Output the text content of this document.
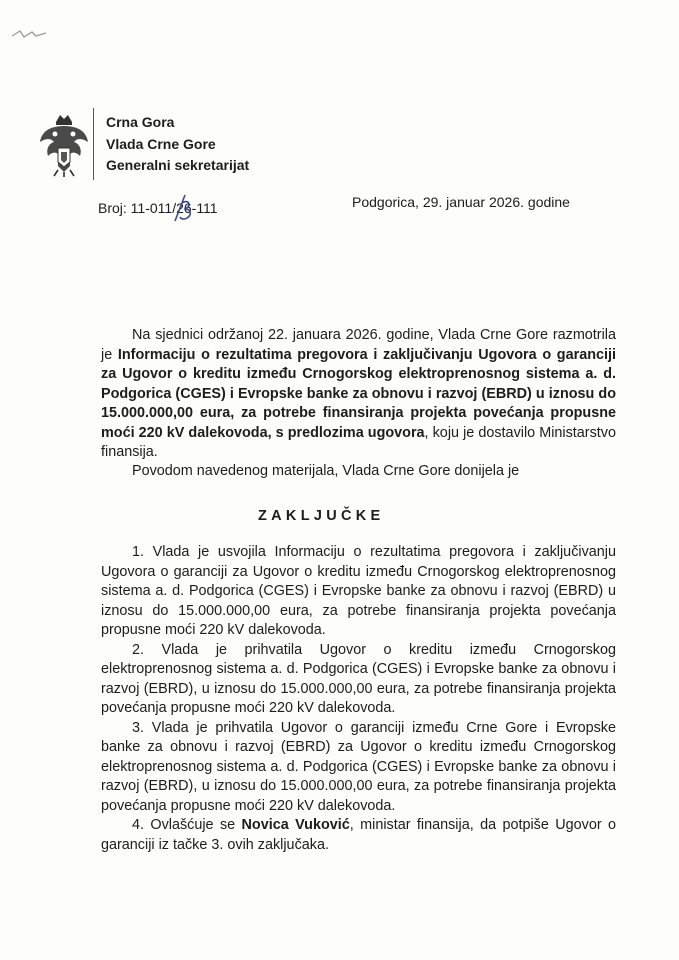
Crna Gora
Vlada Crne Gore
Generalni sekretarijat
Broj: 11-011/26-111	Podgorica, 29. januar 2026. godine

Na sjednici održanoj 22. januara 2026. godine, Vlada Crne Gore razmotrila je Informaciju o rezultatima pregovora i zaključivanju Ugovora o garanciji za Ugovor o kreditu između Crnogorskog elektroprenosnog sistema a. d. Podgorica (CGES) i Evropske banke za obnovu i razvoj (EBRD) u iznosu do 15.000.000,00 eura, za potrebe finansiranja projekta povećanja propusne moći 220 kV dalekovoda, s predlozima ugovora, koju je dostavilo Ministarstvo finansija.

Povodom navedenog materijala, Vlada Crne Gore donijela je

ZAKLJUČKE

1. Vlada je usvojila Informaciju o rezultatima pregovora i zaključivanju Ugovora o garanciji za Ugovor o kreditu između Crnogorskog elektroprenosnog sistema a. d. Podgorica (CGES) i Evropske banke za obnovu i razvoj (EBRD) u iznosu do 15.000.000,00 eura, za potrebe finansiranja projekta povećanja propusne moći 220 kV dalekovoda.

2. Vlada je prihvatila Ugovor o kreditu između Crnogorskog elektroprenosnog sistema a. d. Podgorica (CGES) i Evropske banke za obnovu i razvoj (EBRD), u iznosu do 15.000.000,00 eura, za potrebe finansiranja projekta povećanja propusne moći 220 kV dalekovoda.

3. Vlada je prihvatila Ugovor o garanciji između Crne Gore i Evropske banke za obnovu i razvoj (EBRD) za Ugovor o kreditu između Crnogorskog elektroprenosnog sistema a. d. Podgorica (CGES) i Evropske banke za obnovu i razvoj (EBRD), u iznosu do 15.000.000,00 eura, za potrebe finansiranja projekta povećanja propusne moći 220 kV dalekovoda.

4. Ovlašćuje se Novica Vuković, ministar finansija, da potpiše Ugovor o garanciji iz tačke 3. ovih zaključaka.
